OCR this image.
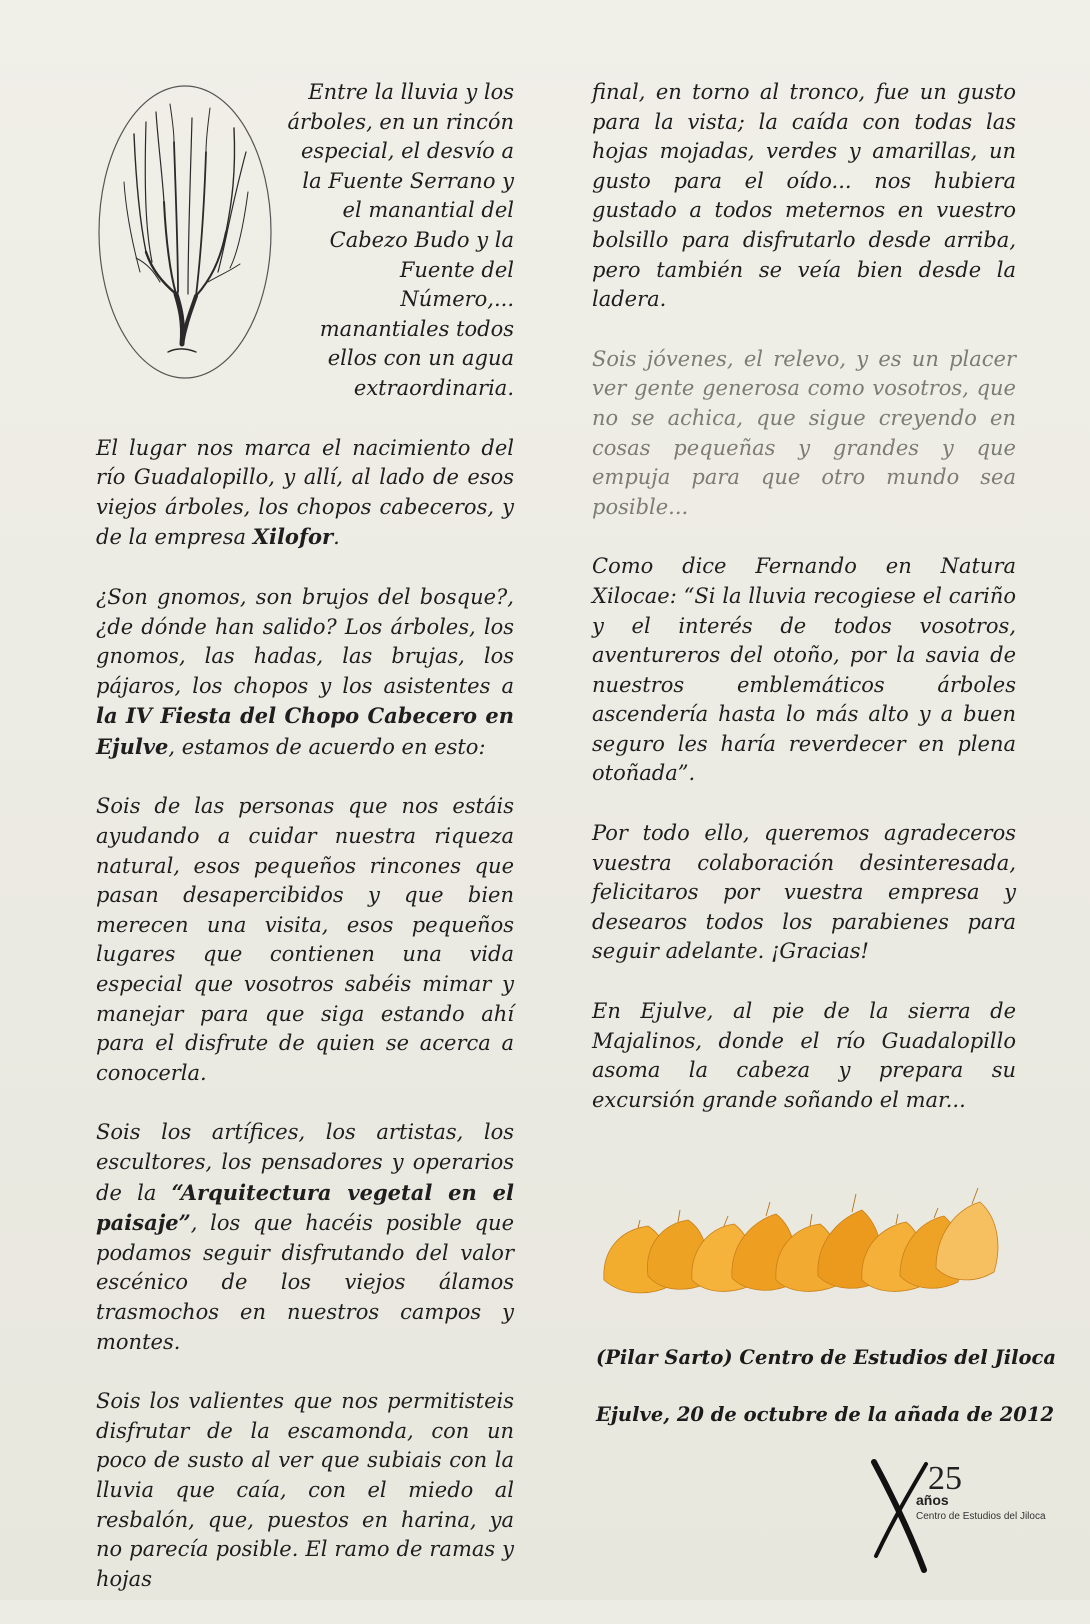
Entre la lluvia y los árboles, en un rincón especial, el desvío a la Fuente Serrano y el manantial del Cabezo Budo y la Fuente del Número,... manantiales todos ellos con un agua extraordinaria.

El lugar nos marca el nacimiento del río Guadalopillo, y allí, al lado de esos viejos árboles, los chopos cabeceros, y de la empresa Xilofor.

¿Son gnomos, son brujos del bosque?, ¿de dónde han salido? Los árboles, los gnomos, las hadas, las brujas, los pájaros, los chopos y los asistentes a la IV Fiesta del Chopo Cabecero en Ejulve, estamos de acuerdo en esto:

Sois de las personas que nos estáis ayudando a cuidar nuestra riqueza natural, esos pequeños rincones que pasan desapercibidos y que bien merecen una visita, esos pequeños lugares que contienen una vida especial que vosotros sabéis mimar y manejar para que siga estando ahí para el disfrute de quien se acerca a conocerla.

Sois los artífices, los artistas, los escultores, los pensadores y operarios de la “Arquitectura vegetal en el paisaje”, los que hacéis posible que podamos seguir disfrutando del valor escénico de los viejos álamos trasmochos en nuestros campos y montes.

Sois los valientes que nos permitisteis disfrutar de la escamonda, con un poco de susto al ver que subiais con la lluvia que caía, con el miedo al resbalón, que, puestos en harina, ya no parecía posible. El ramo de ramas y hojas

final, en torno al tronco, fue un gusto para la vista; la caída con todas las hojas mojadas, verdes y amarillas, un gusto para el oído... nos hubiera gustado a todos meternos en vuestro bolsillo para disfrutarlo desde arriba, pero también se veía bien desde la ladera.

Sois jóvenes, el relevo, y es un placer ver gente generosa como vosotros, que no se achica, que sigue creyendo en cosas pequeñas y grandes y que empuja para que otro mundo sea posible...

Como dice Fernando en Natura Xilocae: “Si la lluvia recogiese el cariño y el interés de todos vosotros, aventureros del otoño, por la savia de nuestros emblemáticos árboles ascendería hasta lo más alto y a buen seguro les haría reverdecer en plena otoñada”.

Por todo ello, queremos agradeceros vuestra colaboración desinteresada, felicitaros por vuestra empresa y desearos todos los parabienes para seguir adelante. ¡Gracias!

En Ejulve, al pie de la sierra de Majalinos, donde el río Guadalopillo asoma la cabeza y prepara su excursión grande soñando el mar...

(Pilar Sarto) Centro de Estudios del Jiloca
Ejulve, 20 de octubre de la añada de 2012
25
años
Centro de Estudios del Jiloca
